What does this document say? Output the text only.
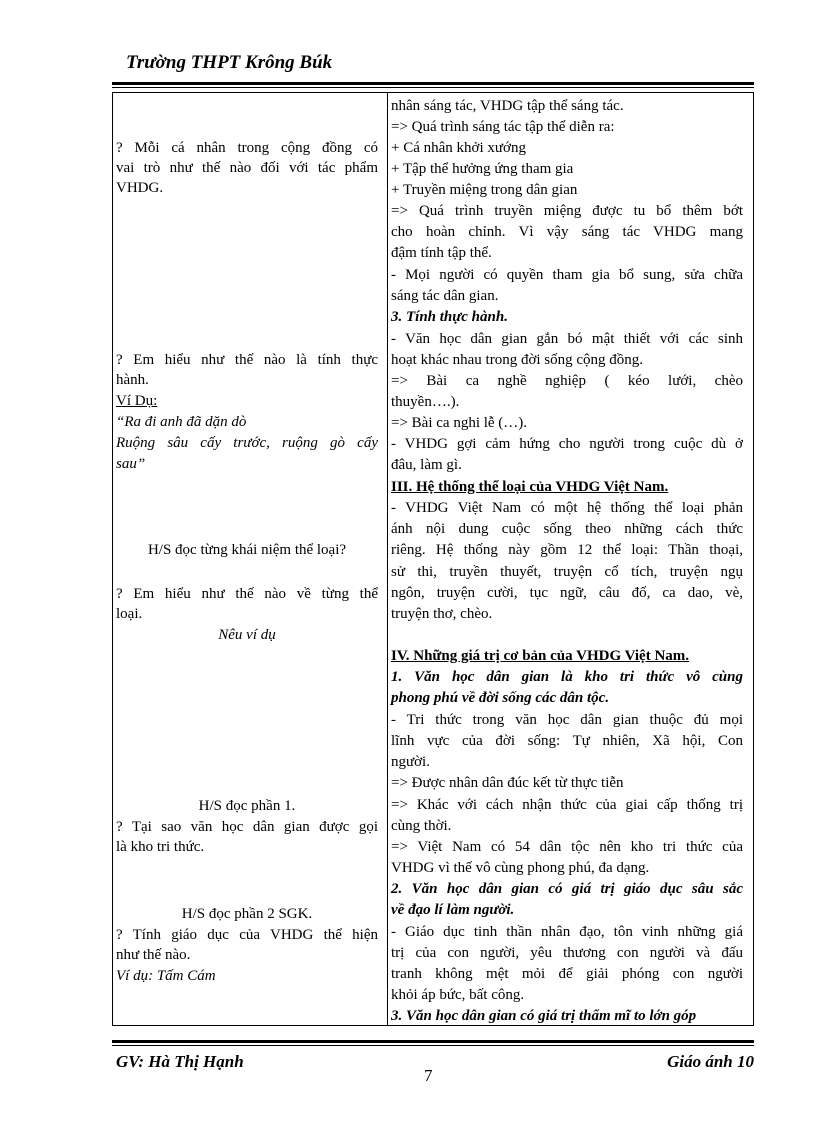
Trường THPT Krông Búk
? Mỗi cá nhân trong cộng đồng có
vai trò như thế nào đối với tác phẩm
VHDG.
? Em hiểu như thế nào là tính thực
hành.
Ví Dụ:
“Ra đi anh đã dặn dò
Ruộng sâu cấy trước, ruộng gò cấy
sau”
H/S đọc từng khái niệm thể loại?
? Em hiểu như thế nào về từng thể
loại.
Nêu ví dụ
H/S đọc phần 1.
? Tại sao văn học dân gian được gọi
là kho tri thức.
H/S đọc phần 2 SGK.
? Tính giáo dục của VHDG thể hiện
như thế nào.
Ví dụ: Tấm Cám
nhân sáng tác, VHDG tập thể sáng tác.
=> Quá trình sáng tác tập thể diễn ra:
+ Cá nhân khởi xướng
+ Tập thể hưởng ứng tham gia
+ Truyền miệng trong dân gian
=> Quá trình truyền miệng được tu bổ thêm bớt
cho hoàn chỉnh. Vì vậy sáng tác VHDG mang
đậm tính tập thể.
- Mọi người có quyền tham gia bổ sung, sửa chữa
sáng tác dân gian.
3. Tính thực hành.
- Văn học dân gian gắn bó mật thiết với các sinh
hoạt khác nhau trong đời sống cộng đồng.
=> Bài ca nghề nghiệp ( kéo lưới, chèo
thuyền….).
=> Bài ca nghi lễ (…).
- VHDG gợi cảm hứng cho người trong cuộc dù ở
đâu, làm gì.
III. Hệ thống thể loại của VHDG Việt Nam.
- VHDG Việt Nam có một hệ thống thể loại phản
ánh nội dung cuộc sống theo những cách thức
riêng. Hệ thống này gồm 12 thể loại: Thần thoại,
sử thi, truyền thuyết, truyện cổ tích, truyện ngụ
ngôn, truyện cười, tục ngữ, câu đố, ca dao, vè,
truyện thơ, chèo.
IV. Những giá trị cơ bản của VHDG Việt Nam.
1. Văn học dân gian là kho tri thức vô cùng
phong phú về đời sống các dân tộc.
- Tri thức trong văn học dân gian thuộc đủ mọi
lĩnh vực của đời sống: Tự nhiên, Xã hội, Con
người.
=> Được nhân dân đúc kết từ thực tiễn
=> Khác với cách nhận thức của giai cấp thống trị
cùng thời.
=> Việt Nam có 54 dân tộc nên kho tri thức của
VHDG vì thế vô cùng phong phú, đa dạng.
2. Văn học dân gian có giá trị giáo dục sâu sắc
về đạo lí làm người.
- Giáo dục tinh thần nhân đạo, tôn vinh những giá
trị của con người, yêu thương con người và đấu
tranh không mệt mỏi để giải phóng con người
khỏi áp bức, bất công.
3. Văn học dân gian có giá trị thẩm mĩ to lớn góp
GV: Hà Thị Hạnh
7
Giáo ánh 10
